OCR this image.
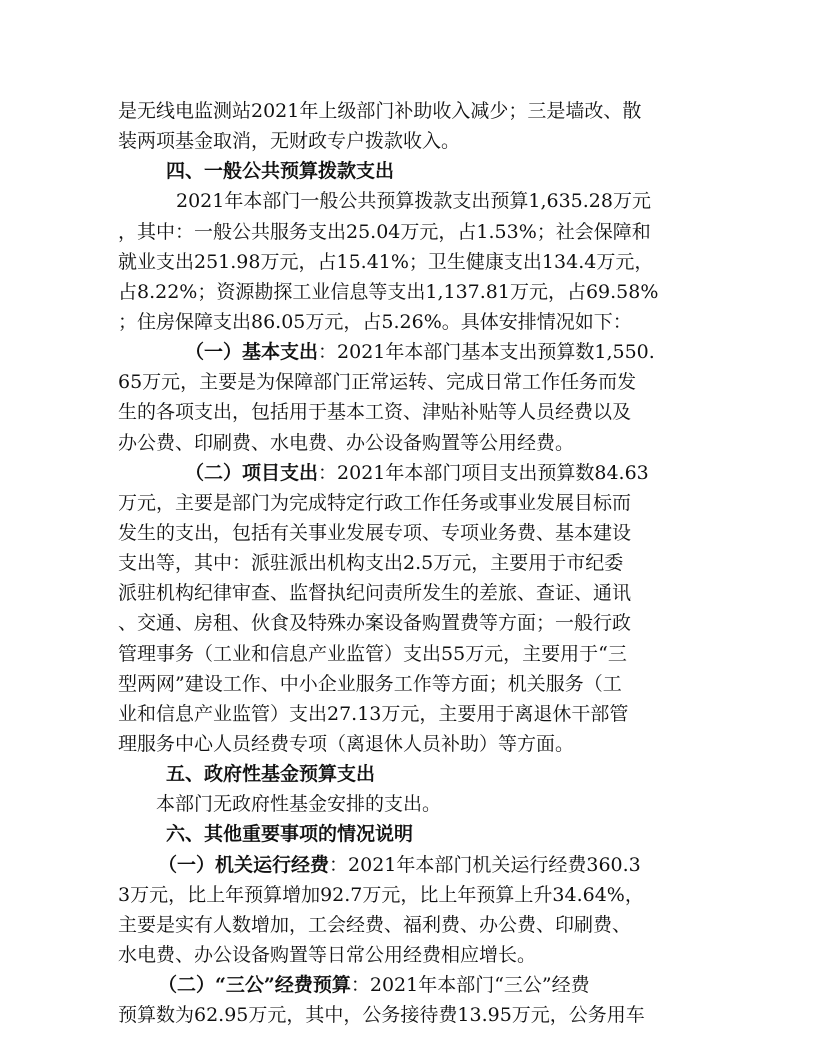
是无线电监测站2021年上级部门补助收入减少；三是墙改、散
装两项基金取消，无财政专户拨款收入。
四、一般公共预算拨款支出
2021年本部门一般公共预算拨款支出预算1,635.28万元
，其中：一般公共服务支出25.04万元，占1.53%；社会保障和
就业支出251.98万元，占15.41%；卫生健康支出134.4万元，
占8.22%；资源勘探工业信息等支出1,137.81万元，占69.58%
；住房保障支出86.05万元，占5.26%。具体安排情况如下：
（一）基本支出：2021年本部门基本支出预算数1,550.
65万元，主要是为保障部门正常运转、完成日常工作任务而发
生的各项支出，包括用于基本工资、津贴补贴等人员经费以及
办公费、印刷费、水电费、办公设备购置等公用经费。
（二）项目支出：2021年本部门项目支出预算数84.63
万元，主要是部门为完成特定行政工作任务或事业发展目标而
发生的支出，包括有关事业发展专项、专项业务费、基本建设
支出等，其中：派驻派出机构支出2.5万元，主要用于市纪委
派驻机构纪律审查、监督执纪问责所发生的差旅、查证、通讯
、交通、房租、伙食及特殊办案设备购置费等方面；一般行政
管理事务（工业和信息产业监管）支出55万元，主要用于“三
型两网”建设工作、中小企业服务工作等方面；机关服务（工
业和信息产业监管）支出27.13万元，主要用于离退休干部管
理服务中心人员经费专项（离退休人员补助）等方面。
五、政府性基金预算支出
本部门无政府性基金安排的支出。
六、其他重要事项的情况说明
（一）机关运行经费：2021年本部门机关运行经费360.3
3万元，比上年预算增加92.7万元，比上年预算上升34.64%，
主要是实有人数增加，工会经费、福利费、办公费、印刷费、
水电费、办公设备购置等日常公用经费相应增长。
（二）“三公”经费预算：2021年本部门“三公”经费
预算数为62.95万元，其中，公务接待费13.95万元，公务用车
